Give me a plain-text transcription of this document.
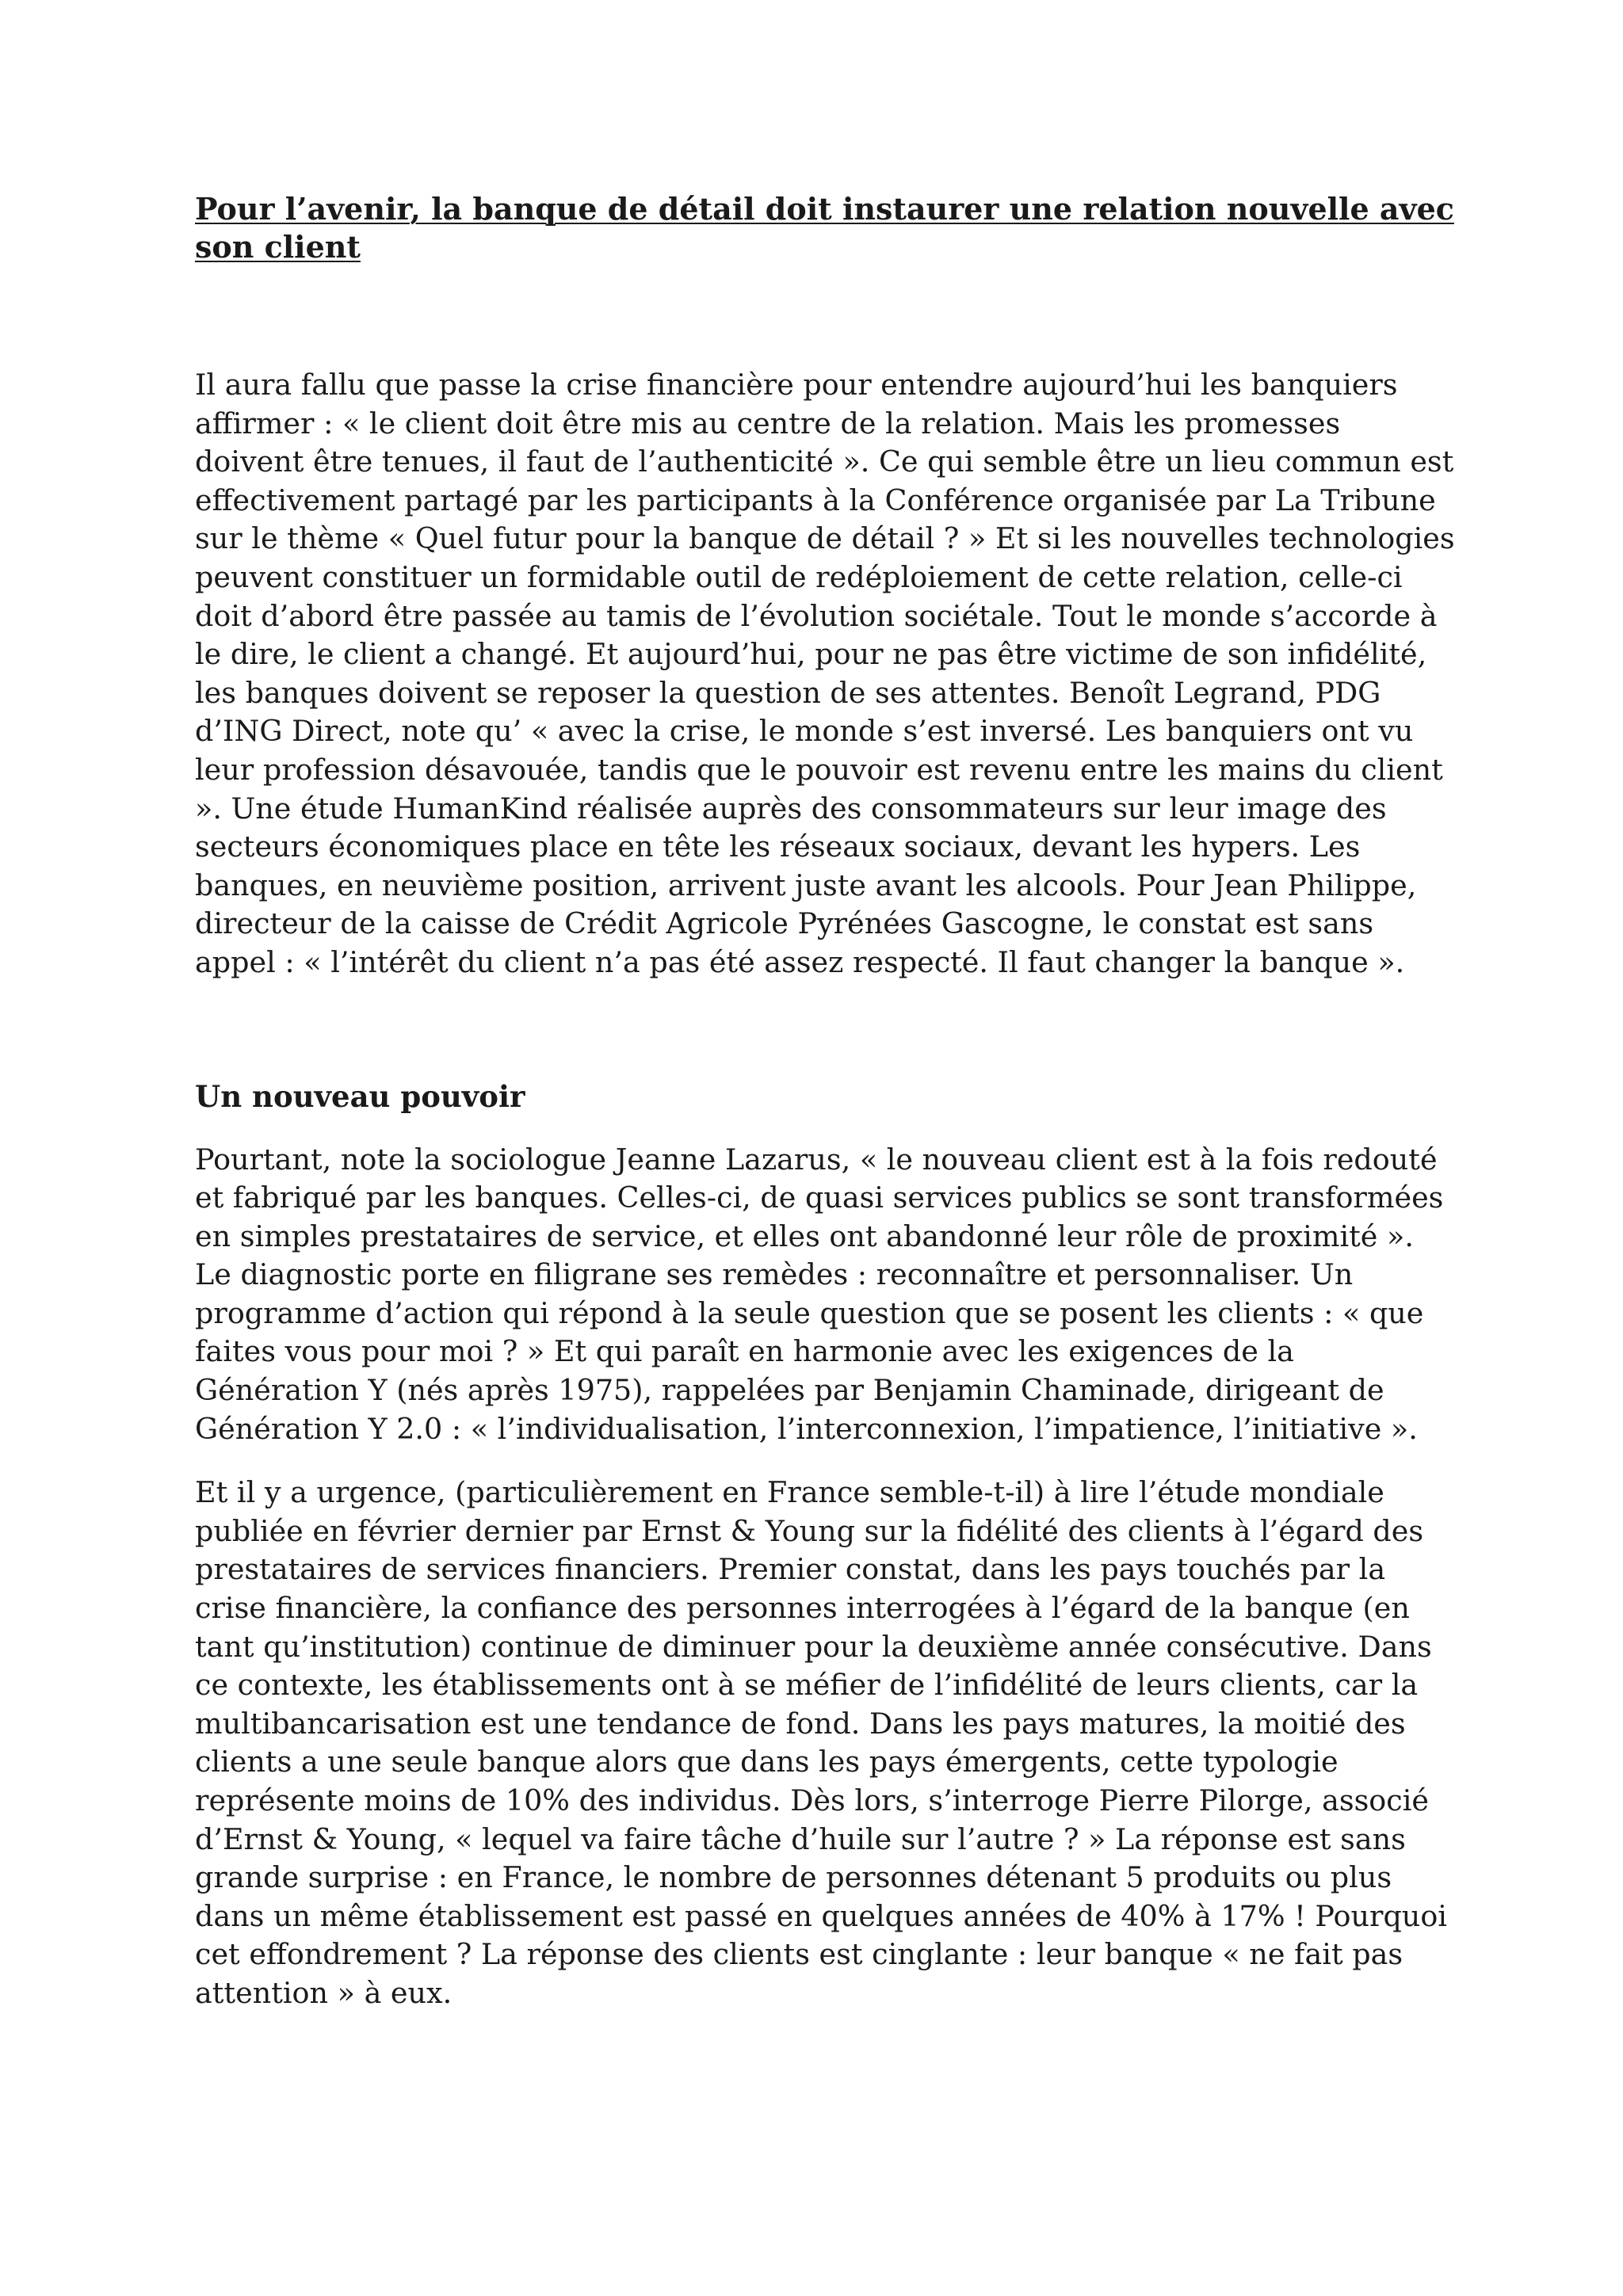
Pour l’avenir, la banque de détail doit instaurer une relation nouvelle avec son client

Il aura fallu que passe la crise financière pour entendre aujourd’hui les banquiers affirmer : « le client doit être mis au centre de la relation. Mais les promesses doivent être tenues, il faut de l’authenticité ». Ce qui semble être un lieu commun est effectivement partagé par les participants à la Conférence organisée par La Tribune sur le thème « Quel futur pour la banque de détail ? » Et si les nouvelles technologies peuvent constituer un formidable outil de redéploiement de cette relation, celle-ci doit d’abord être passée au tamis de l’évolution sociétale. Tout le monde s’accorde à le dire, le client a changé. Et aujourd’hui, pour ne pas être victime de son infidélité, les banques doivent se reposer la question de ses attentes. Benoît Legrand, PDG d’ING Direct, note qu’ « avec la crise, le monde s’est inversé. Les banquiers ont vu leur profession désavouée, tandis que le pouvoir est revenu entre les mains du client ». Une étude HumanKind réalisée auprès des consommateurs sur leur image des secteurs économiques place en tête les réseaux sociaux, devant les hypers. Les banques, en neuvième position, arrivent juste avant les alcools. Pour Jean Philippe, directeur de la caisse de Crédit Agricole Pyrénées Gascogne, le constat est sans appel : « l’intérêt du client n’a pas été assez respecté. Il faut changer la banque ».

Un nouveau pouvoir

Pourtant, note la sociologue Jeanne Lazarus, « le nouveau client est à la fois redouté et fabriqué par les banques. Celles-ci, de quasi services publics se sont transformées en simples prestataires de service, et elles ont abandonné leur rôle de proximité ». Le diagnostic porte en filigrane ses remèdes : reconnaître et personnaliser. Un programme d’action qui répond à la seule question que se posent les clients : « que faites vous pour moi ? » Et qui paraît en harmonie avec les exigences de la Génération Y (nés après 1975), rappelées par Benjamin Chaminade, dirigeant de Génération Y 2.0 : « l’individualisation, l’interconnexion, l’impatience, l’initiative ».

Et il y a urgence, (particulièrement en France semble-t-il) à lire l’étude mondiale publiée en février dernier par Ernst & Young sur la fidélité des clients à l’égard des prestataires de services financiers. Premier constat, dans les pays touchés par la crise financière, la confiance des personnes interrogées à l’égard de la banque (en tant qu’institution) continue de diminuer pour la deuxième année consécutive. Dans ce contexte, les établissements ont à se méfier de l’infidélité de leurs clients, car la multibancarisation est une tendance de fond. Dans les pays matures, la moitié des clients a une seule banque alors que dans les pays émergents, cette typologie représente moins de 10% des individus. Dès lors, s’interroge Pierre Pilorge, associé d’Ernst & Young, « lequel va faire tâche d’huile sur l’autre ? » La réponse est sans grande surprise : en France, le nombre de personnes détenant 5 produits ou plus dans un même établissement est passé en quelques années de 40% à 17% ! Pourquoi cet effondrement ? La réponse des clients est cinglante : leur banque « ne fait pas attention » à eux.
